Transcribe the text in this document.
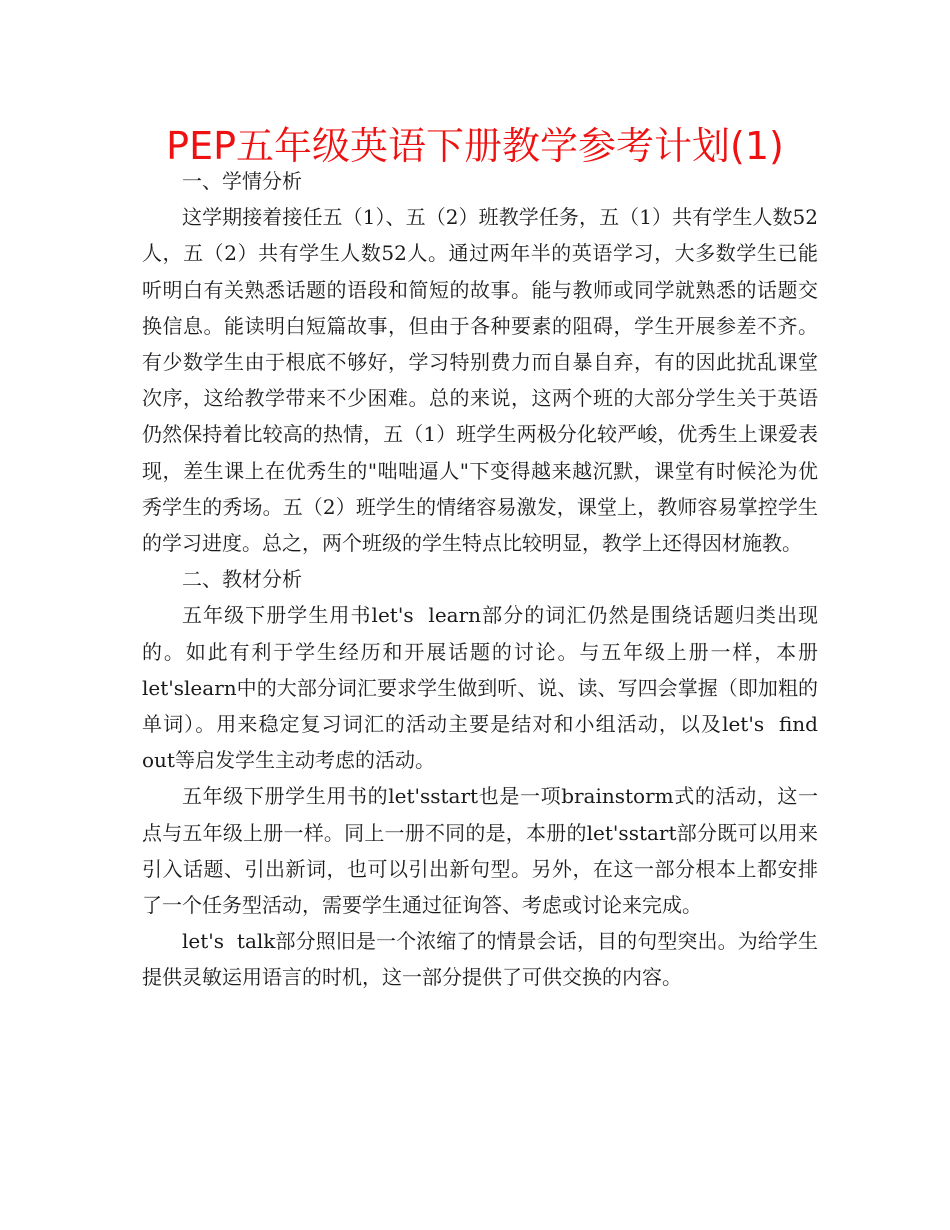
PEP五年级英语下册教学参考计划(1)

一、学情分析

这学期接着接任五（1）、五（2）班教学任务，五（1）共有学生人数52人，五（2）共有学生人数52人。通过两年半的英语学习，大多数学生已能听明白有关熟悉话题的语段和简短的故事。能与教师或同学就熟悉的话题交换信息。能读明白短篇故事，但由于各种要素的阻碍，学生开展参差不齐。有少数学生由于根底不够好，学习特别费力而自暴自弃，有的因此扰乱课堂次序，这给教学带来不少困难。总的来说，这两个班的大部分学生关于英语仍然保持着比较高的热情，五（1）班学生两极分化较严峻，优秀生上课爱表现，差生课上在优秀生的"咄咄逼人"下变得越来越沉默，课堂有时候沦为优秀学生的秀场。五（2）班学生的情绪容易激发，课堂上，教师容易掌控学生的学习进度。总之，两个班级的学生特点比较明显，教学上还得因材施教。

二、教材分析

五年级下册学生用书let's  learn部分的词汇仍然是围绕话题归类出现的。如此有利于学生经历和开展话题的讨论。与五年级上册一样，本册let'slearn中的大部分词汇要求学生做到听、说、读、写四会掌握（即加粗的单词）。用来稳定复习词汇的活动主要是结对和小组活动，以及let's  find  out等启发学生主动考虑的活动。

五年级下册学生用书的let'sstart也是一项brainstorm式的活动，这一点与五年级上册一样。同上一册不同的是，本册的let'sstart部分既可以用来引入话题、引出新词，也可以引出新句型。另外，在这一部分根本上都安排了一个任务型活动，需要学生通过征询答、考虑或讨论来完成。

let's  talk部分照旧是一个浓缩了的情景会话，目的句型突出。为给学生提供灵敏运用语言的时机，这一部分提供了可供交换的内容。
